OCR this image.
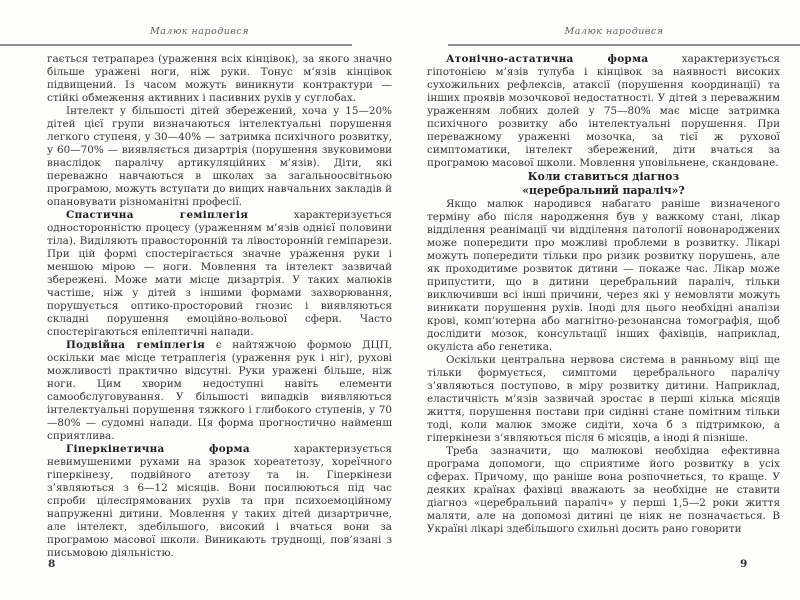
Малюк народився	Малюк народився

гається тетрапарез (ураження всіх кінцівок), за якого значно більше уражені ноги, ніж руки. Тонус м’язів кінцівок підвищений. Із часом можуть виникнути контрактури — стійкі обмеження активних і пасивних рухів у суглобах.

Інтелект у більшості дітей збережений, хоча у 15—20% дітей цієї групи визначаються інтелектуальні порушення легкого ступеня, у 30—40% — затримка психічного розвитку, у 60—70% — виявляється дизартрія (порушення звуковимови внаслідок паралічу артикуляційних м’язів). Діти, які переважно навчаються в школах за загальноосвітньою програмою, можуть вступати до вищих навчальних закладів й опановувати різноманітні професії.

Спастична геміплегія характеризується односторонністю процесу (ураженням м’язів однієї половини тіла). Виділяють правосторонній та лівосторонній геміпарези. При цій формі спостерігається значне ураження руки і меншою мірою — ноги. Мовлення та інтелект зазвичай збережені. Може мати місце дизартрія. У таких малюків частіше, ніж у дітей з іншими формами захворювання, порушується оптико-просторовий гнозис і виявляються складні порушення емоційно-вольової сфери. Часто спостерігаються епілептичні напади.

Подвійна геміплегія є найтяжчою формою ДЦП, оскільки має місце тетраплегія (ураження рук і ніг), рухові можливості практично відсутні. Руки уражені більше, ніж ноги. Цим хворим недоступні навіть елементи самообслуговування. У більшості випадків виявляються інтелектуальні порушення тяжкого і глибокого ступенів, у 70—80% — судомні напади. Ця форма прогностично найменш сприятлива.

Гіперкінетична форма характеризується невимушеними рухами на зразок хореатетозу, хореїчного гіперкінезу, подвійного атетозу та ін. Гіперкінези з’являються з 6—12 місяців. Вони посилюються під час спроби цілеспрямованих рухів та при психоемоційному напруженні дитини. Мовлення у таких дітей дизартричне, але інтелект, здебільшого, високий і вчаться вони за програмою масової школи. Виникають труднощі, пов’язані з письмовою діяльністю.

Атонічно-астатична форма характеризується гіпотонією м’язів тулуба і кінцівок за наявності високих сухожильних рефлексів, атаксії (порушення координації) та інших проявів мозочкової недостатності. У дітей з переважним ураженням лобних долей у 75—80% має місце затримка психічного розвитку або інтелектуальні порушення. При переважному ураженні мозочка, за тієї ж рухової симптоматики, інтелект збережений, діти вчаться за програмою масової школи. Мовлення уповільнене, скандоване.

Коли ставиться діагноз
«церебральний параліч»?

Якщо малюк народився набагато раніше визначеного терміну або після народження був у важкому стані, лікар відділення реанімації чи відділення патології новонароджених може попередити про можливі проблеми в розвитку. Лікарі можуть попередити тільки про ризик розвитку порушень, але як проходитиме розвиток дитини — покаже час. Лікар може припустити, що в дитини церебральний параліч, тільки виключивши всі інші причини, через які у немовляти можуть виникати порушення рухів. Іноді для цього необхідні аналізи крові, комп’ютерна або магнітно-резонансна томографія, щоб дослідити мозок, консультації інших фахівців, наприклад, окуліста або генетика.

Оскільки центральна нервова система в ранньому віці ще тільки формується, симптоми церебрального паралічу з’являються поступово, в міру розвитку дитини. Наприклад, еластичність м’язів зазвичай зростає в перші кілька місяців життя, порушення постави при сидінні стане помітним тільки тоді, коли малюк зможе сидіти, хоча б з підтримкою, а гіперкінези з’являються після 6 місяців, а іноді й пізніше.

Треба зазначити, що малюкові необхідна ефективна програма допомоги, що сприятиме його розвитку в усіх сферах. Причому, що раніше вона розпочнеться, то краще. У деяких країнах фахівці вважають за необхідне не ставити діагноз «церебральний параліч» у перші 1,5—2 роки життя маляти, але на допомозі дитині це ніяк не позначається. В Україні лікарі здебільшого схильні досить рано говорити

8	9
